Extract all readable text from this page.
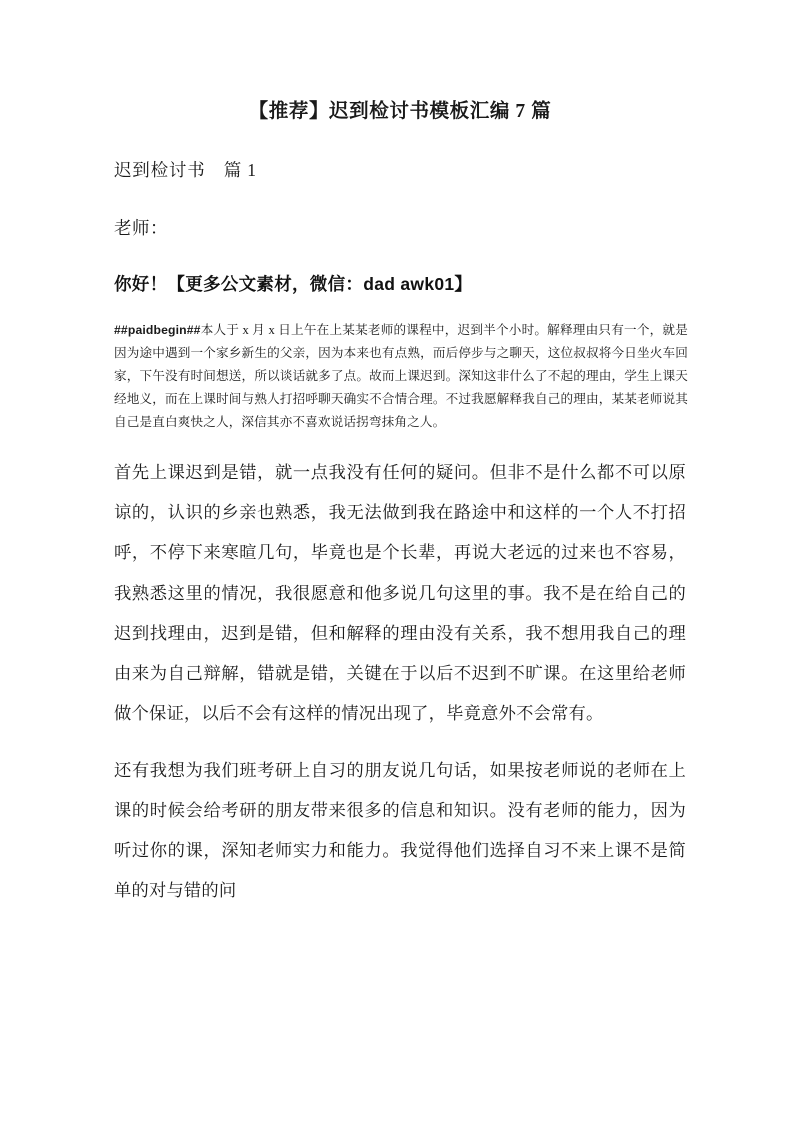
【推荐】迟到检讨书模板汇编 7 篇
迟到检讨书　篇 1

老师：

你好！【更多公文素材，微信：dad awk01】

##paidbegin##本人于 x 月 x 日上午在上某某老师的课程中，迟到半个小时。解释理由只有一个，就是因为途中遇到一个家乡新生的父亲，因为本来也有点熟，而后停步与之聊天，这位叔叔将今日坐火车回家，下午没有时间想送，所以谈话就多了点。故而上课迟到。深知这非什么了不起的理由，学生上课天经地义，而在上课时间与熟人打招呼聊天确实不合情合理。不过我愿解释我自己的理由，某某老师说其自己是直白爽快之人，深信其亦不喜欢说话拐弯抹角之人。

首先上课迟到是错，就一点我没有任何的疑问。但非不是什么都不可以原谅的，认识的乡亲也熟悉，我无法做到我在路途中和这样的一个人不打招呼，不停下来寒暄几句，毕竟也是个长辈，再说大老远的过来也不容易，我熟悉这里的情况，我很愿意和他多说几句这里的事。我不是在给自己的迟到找理由，迟到是错，但和解释的理由没有关系，我不想用我自己的理由来为自己辩解，错就是错，关键在于以后不迟到不旷课。在这里给老师做个保证，以后不会有这样的情况出现了，毕竟意外不会常有。

还有我想为我们班考研上自习的朋友说几句话，如果按老师说的老师在上课的时候会给考研的朋友带来很多的信息和知识。没有老师的能力，因为听过你的课，深知老师实力和能力。我觉得他们选择自习不来上课不是简单的对与错的问
